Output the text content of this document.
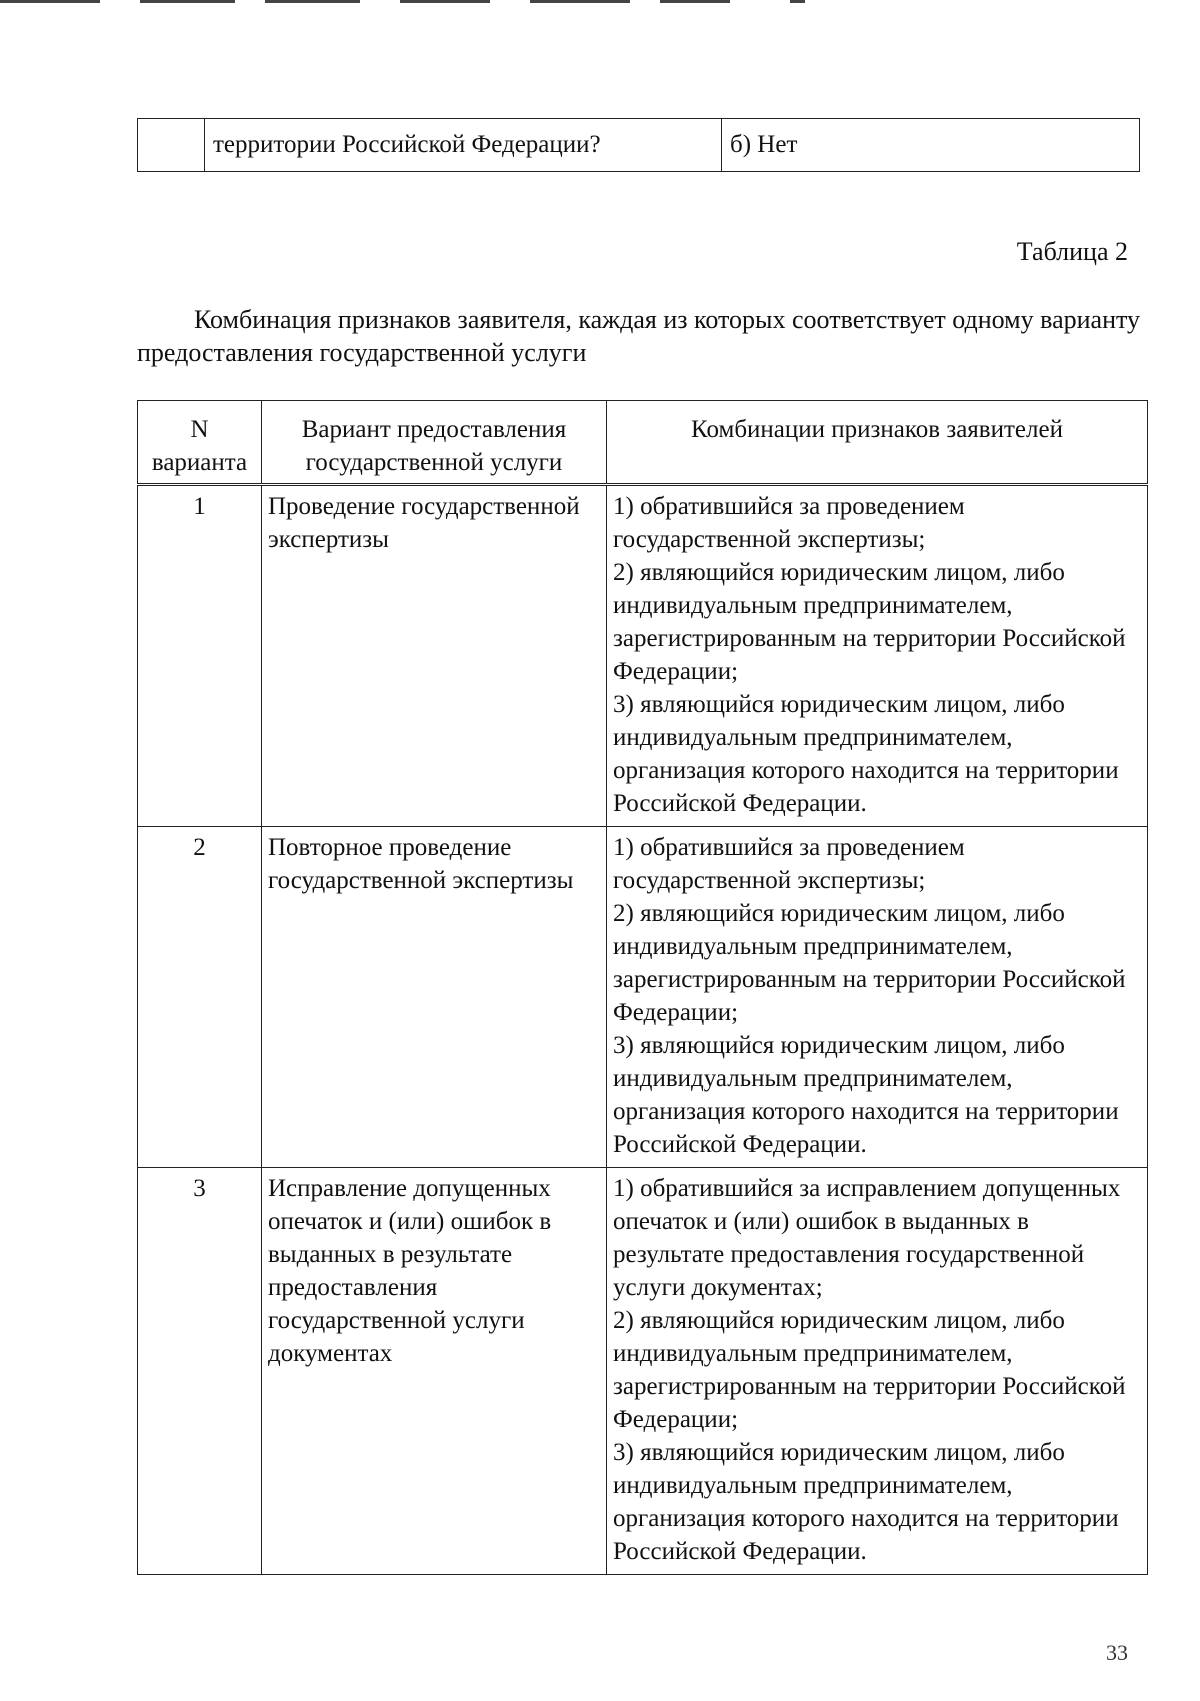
	территории Российской Федерации?	б) Нет
Таблица 2
Комбинация признаков заявителя, каждая из которых соответствует одному варианту предоставления государственной услуги
N варианта	Вариант предоставления государственной услуги	Комбинации признаков заявителей
1	Проведение государственной экспертизы	1) обратившийся за проведением государственной экспертизы;
2) являющийся юридическим лицом, либо индивидуальным предпринимателем, зарегистрированным на территории Российской Федерации;
3) являющийся юридическим лицом, либо индивидуальным предпринимателем, организация которого находится на территории Российской Федерации.

2	Повторное проведение государственной экспертизы	1) обратившийся за проведением государственной экспертизы;
2) являющийся юридическим лицом, либо индивидуальным предпринимателем, зарегистрированным на территории Российской Федерации;
3) являющийся юридическим лицом, либо индивидуальным предпринимателем, организация которого находится на территории Российской Федерации.

3	Исправление допущенных опечаток и (или) ошибок в выданных в результате предоставления государственной услуги документах	1) обратившийся за исправлением допущенных опечаток и (или) ошибок в выданных в результате предоставления государственной услуги документах;
2) являющийся юридическим лицом, либо индивидуальным предпринимателем, зарегистрированным на территории Российской Федерации;
3) являющийся юридическим лицом, либо индивидуальным предпринимателем, организация которого находится на территории Российской Федерации.
33
